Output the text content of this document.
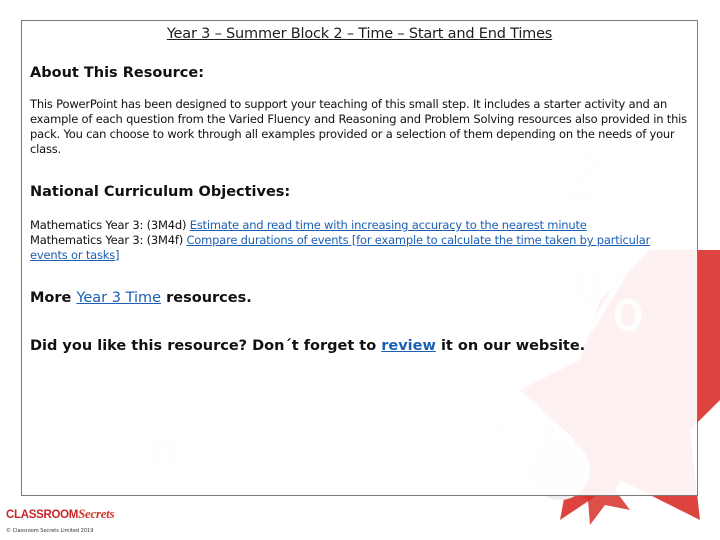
Year 3 – Summer Block 2 – Time – Start and End Times
About This Resource:
This PowerPoint has been designed to support your teaching of this small step. It includes a starter activity and an example of each question from the Varied Fluency and Reasoning and Problem Solving resources also provided in this pack. You can choose to work through all examples provided or a selection of them depending on the needs of your class.
National Curriculum Objectives:
Mathematics Year 3: (3M4d) Estimate and read time with increasing accuracy to the nearest minute
Mathematics Year 3: (3M4f) Compare durations of events [for example to calculate the time taken by particular events or tasks]
More Year 3 Time resources.
Did you like this resource? Don´t forget to review it on our website.
CLASSROOMSecrets
© Classroom Secrets Limited 2019
